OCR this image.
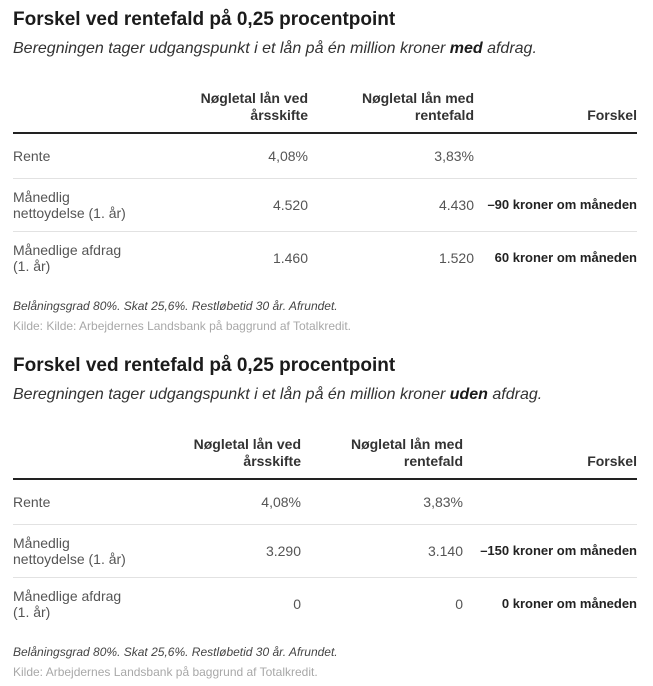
Forskel ved rentefald på 0,25 procentpoint

Beregningen tager udgangspunkt i et lån på én million kroner med afdrag.

	Nøgletal lån ved årsskifte	Nøgletal lån med rentefald	Forskel
Rente	4,08%	3,83%	
Månedlig nettoydelse (1. år)	4.520	4.430	–90 kroner om måneden
Månedlige afdrag (1. år)	1.460	1.520	60 kroner om måneden

Belåningsgrad 80%. Skat 25,6%. Restløbetid 30 år. Afrundet.

Kilde: Kilde: Arbejdernes Landsbank på baggrund af Totalkredit.

Forskel ved rentefald på 0,25 procentpoint

Beregningen tager udgangspunkt i et lån på én million kroner uden afdrag.

	Nøgletal lån ved årsskifte	Nøgletal lån med rentefald	Forskel
Rente	4,08%	3,83%	
Månedlig nettoydelse (1. år)	3.290	3.140	–150 kroner om måneden
Månedlige afdrag (1. år)	0	0	0 kroner om måneden

Belåningsgrad 80%. Skat 25,6%. Restløbetid 30 år. Afrundet.

Kilde: Arbejdernes Landsbank på baggrund af Totalkredit.
